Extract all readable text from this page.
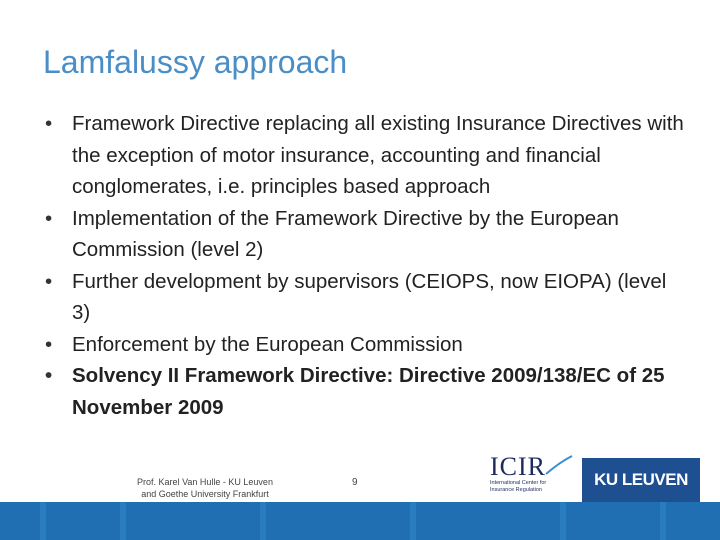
Lamfalussy approach
• Framework Directive replacing all existing Insurance Directives with the exception of motor insurance, accounting and financial conglomerates, i.e. principles based approach
• Implementation of the Framework Directive by the European Commission (level 2)
• Further development by supervisors (CEIOPS, now EIOPA) (level 3)
• Enforcement by the European Commission
• Solvency II Framework Directive: Directive 2009/138/EC of 25 November 2009
Prof. Karel Van Hulle - KU Leuven
and Goethe University Frankfurt
9
ICIR
International Center for Insurance Regulation
KU LEUVEN
